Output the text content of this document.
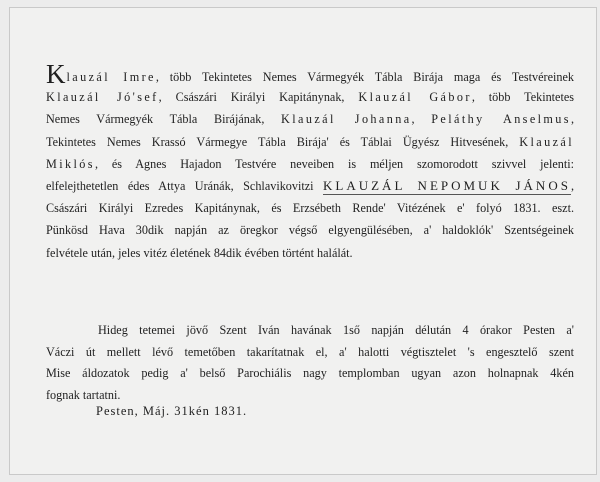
Klauzál Imre, több Tekintetes Nemes Vármegyék Tábla Birája maga és Testvéreinek
Klauzál Jó'sef, Császári Királyi Kapitánynak, Klauzál Gábor, több Tekintetes
Nemes Vármegyék Tábla Birájának, Klauzál Johanna, Peláthy Anselmus,
Tekintetes Nemes Krassó Vármegye Tábla Birája' és Táblai Ügyész Hitvesének, Klauzál
Miklós, és Agnes Hajadon Testvére neveiben is méljen szomorodott szivvel jelenti:
elfelejthetetlen édes Attya Uránák, Schlavikovitzi KLAUZÁL NEPOMUK JÁNOS,
Császári Királyi Ezredes Kapitánynak, és Erzsébeth Rende' Vitézének e' folyó 1831. eszt.
Pünkösd Hava 30dik napján az öregkor végső elgyengülésében, a' haldoklók' Szentségeinek
felvétele után, jeles vitéz életének 84dik évében történt halálát.
Hideg tetemei jövő Szent Iván havának 1ső napján délután 4 órakor Pesten a'
Váczi út mellett lévő temetőben takarítatnak el, a' halotti végtisztelet 's engesztelő szent
Mise áldozatok pedig a' belső Parochiális nagy templomban ugyan azon holnapnak 4kén
fognak tartatni.
Pesten, Máj. 31kén 1831.
